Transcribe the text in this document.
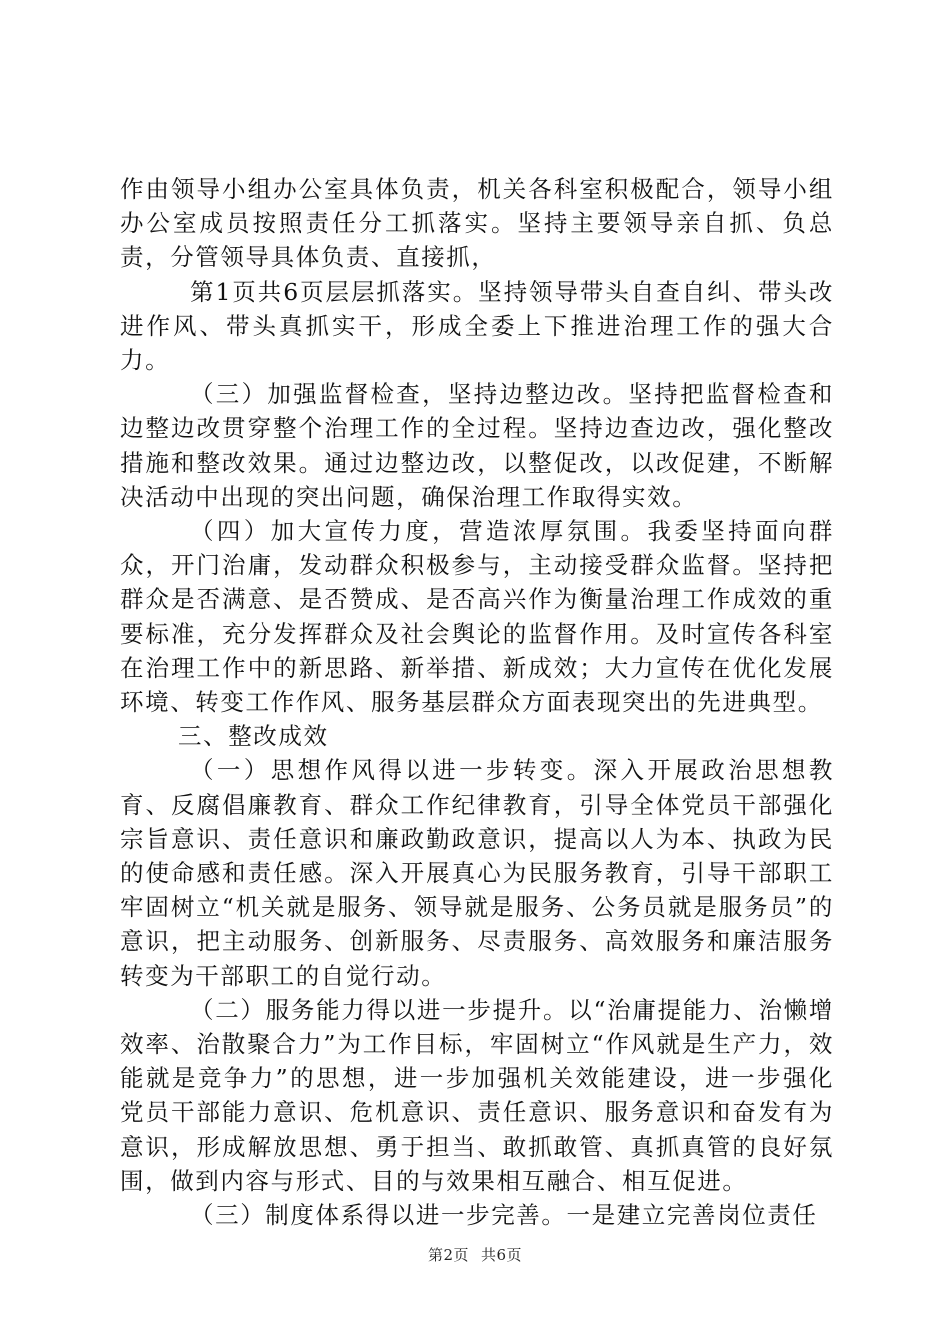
作由领导小组办公室具体负责，机关各科室积极配合，领导小组办公室成员按照责任分工抓落实。坚持主要领导亲自抓、负总责，分管领导具体负责、直接抓，

第1页共6页层层抓落实。坚持领导带头自查自纠、带头改进作风、带头真抓实干，形成全委上下推进治理工作的强大合力。

（三）加强监督检查，坚持边整边改。坚持把监督检查和边整边改贯穿整个治理工作的全过程。坚持边查边改，强化整改措施和整改效果。通过边整边改，以整促改，以改促建，不断解决活动中出现的突出问题，确保治理工作取得实效。

（四）加大宣传力度，营造浓厚氛围。我委坚持面向群众，开门治庸，发动群众积极参与，主动接受群众监督。坚持把群众是否满意、是否赞成、是否高兴作为衡量治理工作成效的重要标准，充分发挥群众及社会舆论的监督作用。及时宣传各科室在治理工作中的新思路、新举措、新成效；大力宣传在优化发展环境、转变工作作风、服务基层群众方面表现突出的先进典型。

三、整改成效

（一）思想作风得以进一步转变。深入开展政治思想教育、反腐倡廉教育、群众工作纪律教育，引导全体党员干部强化宗旨意识、责任意识和廉政勤政意识，提高以人为本、执政为民的使命感和责任感。深入开展真心为民服务教育，引导干部职工牢固树立“机关就是服务、领导就是服务、公务员就是服务员”的意识，把主动服务、创新服务、尽责服务、高效服务和廉洁服务转变为干部职工的自觉行动。

（二）服务能力得以进一步提升。以“治庸提能力、治懒增效率、治散聚合力”为工作目标，牢固树立“作风就是生产力，效能就是竞争力”的思想，进一步加强机关效能建设，进一步强化党员干部能力意识、危机意识、责任意识、服务意识和奋发有为意识，形成解放思想、勇于担当、敢抓敢管、真抓真管的良好氛围，做到内容与形式、目的与效果相互融合、相互促进。

（三）制度体系得以进一步完善。一是建立完善岗位责任

第2页 共6页
